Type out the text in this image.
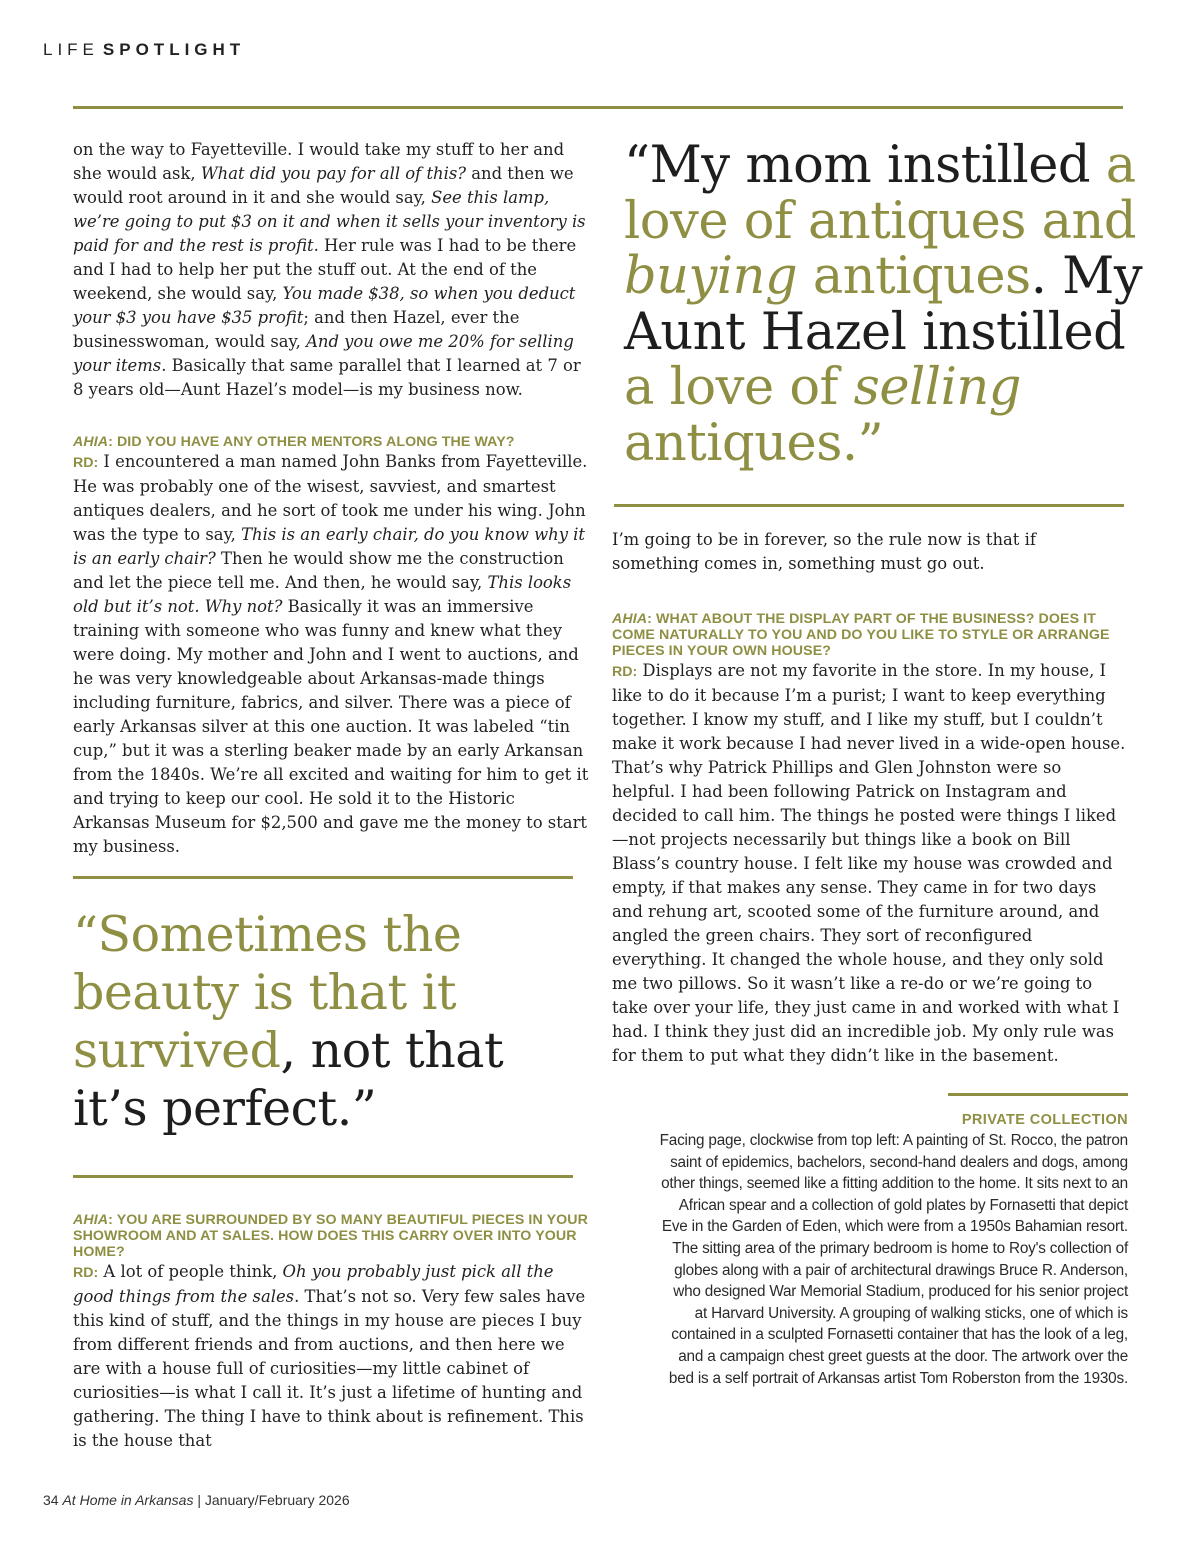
LIFE SPOTLIGHT

on the way to Fayetteville. I would take my stuff to her and she would ask, What did you pay for all of this? and then we would root around in it and she would say, See this lamp, we’re going to put $3 on it and when it sells your inventory is paid for and the rest is profit. Her rule was I had to be there and I had to help her put the stuff out. At the end of the weekend, she would say, You made $38, so when you deduct your $3 you have $35 profit; and then Hazel, ever the businesswoman, would say, And you owe me 20% for selling your items. Basically that same parallel that I learned at 7 or 8 years old—Aunt Hazel’s model—is my business now.

AHIA: DID YOU HAVE ANY OTHER MENTORS ALONG THE WAY?

RD: I encountered a man named John Banks from Fayetteville. He was probably one of the wisest, savviest, and smartest antiques dealers, and he sort of took me under his wing. John was the type to say, This is an early chair, do you know why it is an early chair? Then he would show me the construction and let the piece tell me. And then, he would say, This looks old but it’s not. Why not? Basically it was an immersive training with someone who was funny and knew what they were doing. My mother and John and I went to auctions, and he was very knowledgeable about Arkansas-made things including furniture, fabrics, and silver. There was a piece of early Arkansas silver at this one auction. It was labeled “tin cup,” but it was a sterling beaker made by an early Arkansan from the 1840s. We’re all excited and waiting for him to get it and trying to keep our cool. He sold it to the Historic Arkansas Museum for $2,500 and gave me the money to start my business.

“Sometimes the beauty is that it survived, not that it’s perfect.”

AHIA: YOU ARE SURROUNDED BY SO MANY BEAUTIFUL PIECES IN YOUR SHOWROOM AND AT SALES. HOW DOES THIS CARRY OVER INTO YOUR HOME?

RD: A lot of people think, Oh you probably just pick all the good things from the sales. That’s not so. Very few sales have this kind of stuff, and the things in my house are pieces I buy from different friends and from auctions, and then here we are with a house full of curiosities—my little cabinet of curiosities—is what I call it. It’s just a lifetime of hunting and gathering. The thing I have to think about is refinement. This is the house that

“My mom instilled a love of antiques and buying antiques. My Aunt Hazel instilled a love of selling antiques.”

I’m going to be in forever, so the rule now is that if something comes in, something must go out.

AHIA: WHAT ABOUT THE DISPLAY PART OF THE BUSINESS? DOES IT COME NATURALLY TO YOU AND DO YOU LIKE TO STYLE OR ARRANGE PIECES IN YOUR OWN HOUSE?

RD: Displays are not my favorite in the store. In my house, I like to do it because I’m a purist; I want to keep everything together. I know my stuff, and I like my stuff, but I couldn’t make it work because I had never lived in a wide-open house. That’s why Patrick Phillips and Glen Johnston were so helpful. I had been following Patrick on Instagram and decided to call him. The things he posted were things I liked—not projects necessarily but things like a book on Bill Blass’s country house. I felt like my house was crowded and empty, if that makes any sense. They came in for two days and rehung art, scooted some of the furniture around, and angled the green chairs. They sort of reconfigured everything. It changed the whole house, and they only sold me two pillows. So it wasn’t like a re-do or we’re going to take over your life, they just came in and worked with what I had. I think they just did an incredible job. My only rule was for them to put what they didn’t like in the basement.

PRIVATE COLLECTION
Facing page, clockwise from top left: A painting of St. Rocco, the patron saint of epidemics, bachelors, second-hand dealers and dogs, among other things, seemed like a fitting addition to the home. It sits next to an African spear and a collection of gold plates by Fornasetti that depict Eve in the Garden of Eden, which were from a 1950s Bahamian resort. The sitting area of the primary bedroom is home to Roy's collection of globes along with a pair of architectural drawings Bruce R. Anderson, who designed War Memorial Stadium, produced for his senior project at Harvard University. A grouping of walking sticks, one of which is contained in a sculpted Fornasetti container that has the look of a leg, and a campaign chest greet guests at the door. The artwork over the bed is a self portrait of Arkansas artist Tom Roberston from the 1930s.
34 At Home in Arkansas | January/February 2026
